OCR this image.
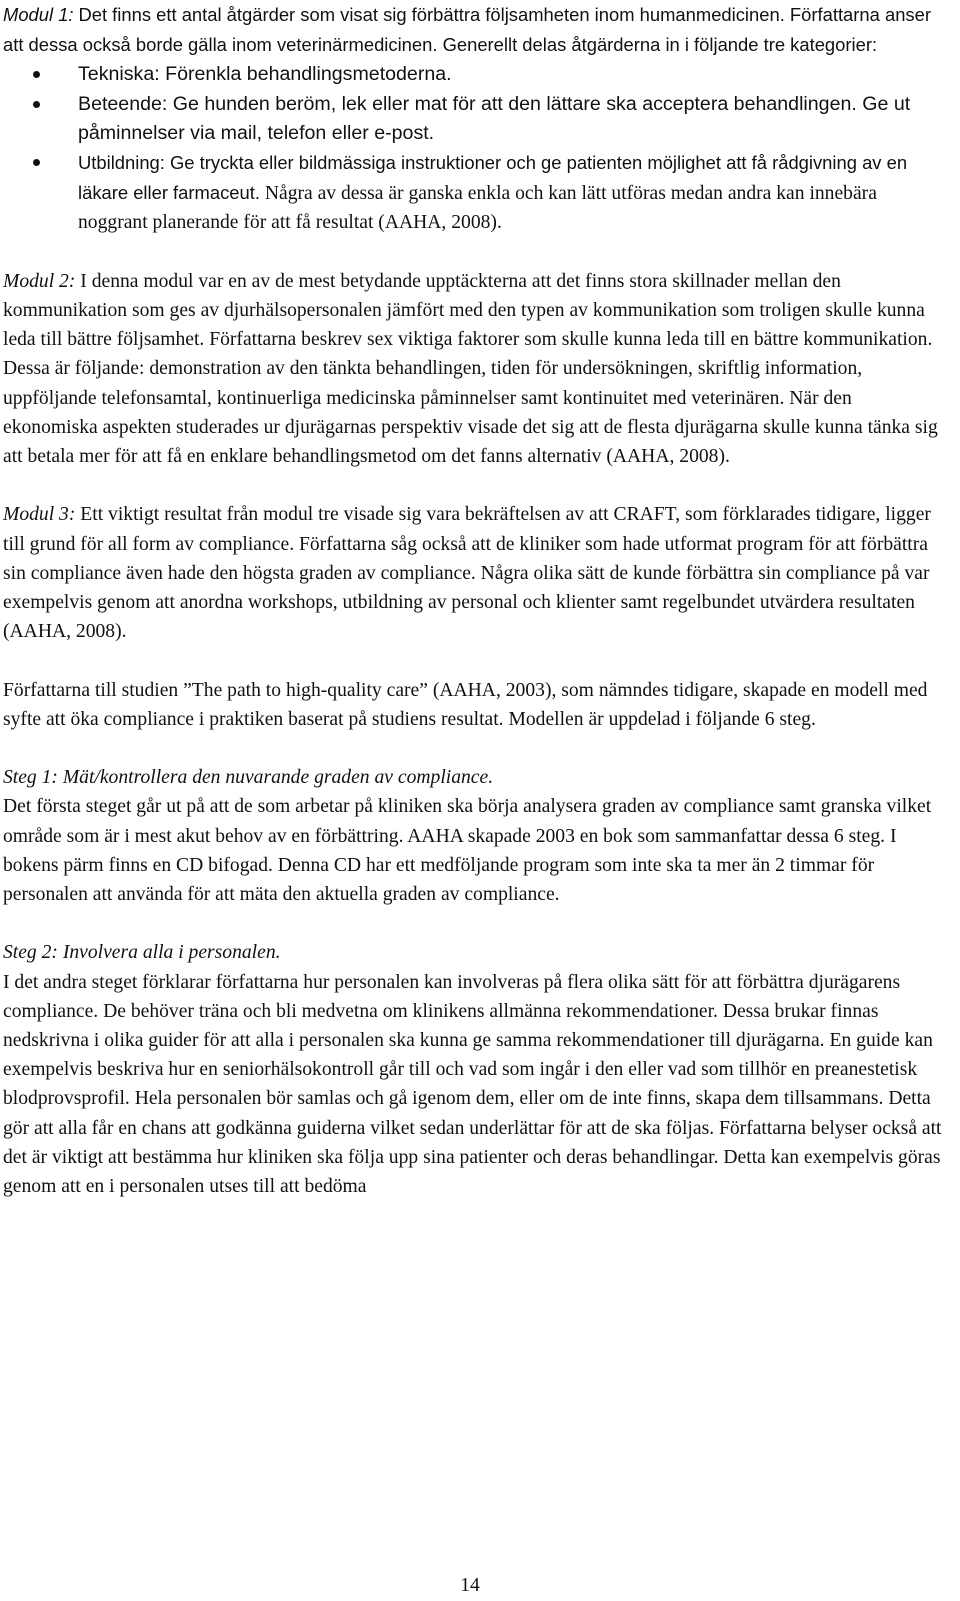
Modul 1: Det finns ett antal åtgärder som visat sig förbättra följsamheten inom humanmedicinen. Författarna anser att dessa också borde gälla inom veterinärmedicinen. Generellt delas åtgärderna in i följande tre kategorier:

Tekniska: Förenkla behandlingsmetoderna.
Beteende: Ge hunden beröm, lek eller mat för att den lättare ska acceptera behandlingen. Ge ut påminnelser via mail, telefon eller e-post.
Utbildning: Ge tryckta eller bildmässiga instruktioner och ge patienten möjlighet att få rådgivning av en läkare eller farmaceut. Några av dessa är ganska enkla och kan lätt utföras medan andra kan innebära noggrant planerande för att få resultat (AAHA, 2008).

Modul 2: I denna modul var en av de mest betydande upptäckterna att det finns stora skillnader mellan den kommunikation som ges av djurhälsopersonalen jämfört med den typen av kommunikation som troligen skulle kunna leda till bättre följsamhet. Författarna beskrev sex viktiga faktorer som skulle kunna leda till en bättre kommunikation. Dessa är följande: demonstration av den tänkta behandlingen, tiden för undersökningen, skriftlig information, uppföljande telefonsamtal, kontinuerliga medicinska påminnelser samt kontinuitet med veterinären. När den ekonomiska aspekten studerades ur djurägarnas perspektiv visade det sig att de flesta djurägarna skulle kunna tänka sig att betala mer för att få en enklare behandlingsmetod om det fanns alternativ (AAHA, 2008).

Modul 3: Ett viktigt resultat från modul tre visade sig vara bekräftelsen av att CRAFT, som förklarades tidigare, ligger till grund för all form av compliance. Författarna såg också att de kliniker som hade utformat program för att förbättra sin compliance även hade den högsta graden av compliance. Några olika sätt de kunde förbättra sin compliance på var exempelvis genom att anordna workshops, utbildning av personal och klienter samt regelbundet utvärdera resultaten (AAHA, 2008).

Författarna till studien ”The path to high-quality care” (AAHA, 2003), som nämndes tidigare, skapade en modell med syfte att öka compliance i praktiken baserat på studiens resultat. Modellen är uppdelad i följande 6 steg.

Steg 1: Mät/kontrollera den nuvarande graden av compliance.

Det första steget går ut på att de som arbetar på kliniken ska börja analysera graden av compliance samt granska vilket område som är i mest akut behov av en förbättring. AAHA skapade 2003 en bok som sammanfattar dessa 6 steg. I bokens pärm finns en CD bifogad. Denna CD har ett medföljande program som inte ska ta mer än 2 timmar för personalen att använda för att mäta den aktuella graden av compliance.

Steg 2: Involvera alla i personalen.

I det andra steget förklarar författarna hur personalen kan involveras på flera olika sätt för att förbättra djurägarens compliance. De behöver träna och bli medvetna om klinikens allmänna rekommendationer. Dessa brukar finnas nedskrivna i olika guider för att alla i personalen ska kunna ge samma rekommendationer till djurägarna. En guide kan exempelvis beskriva hur en seniorhälsokontroll går till och vad som ingår i den eller vad som tillhör en preanestetisk blodprovsprofil. Hela personalen bör samlas och gå igenom dem, eller om de inte finns, skapa dem tillsammans. Detta gör att alla får en chans att godkänna guiderna vilket sedan underlättar för att de ska följas. Författarna belyser också att det är viktigt att bestämma hur kliniken ska följa upp sina patienter och deras behandlingar. Detta kan exempelvis göras genom att en i personalen utses till att bedöma

14
